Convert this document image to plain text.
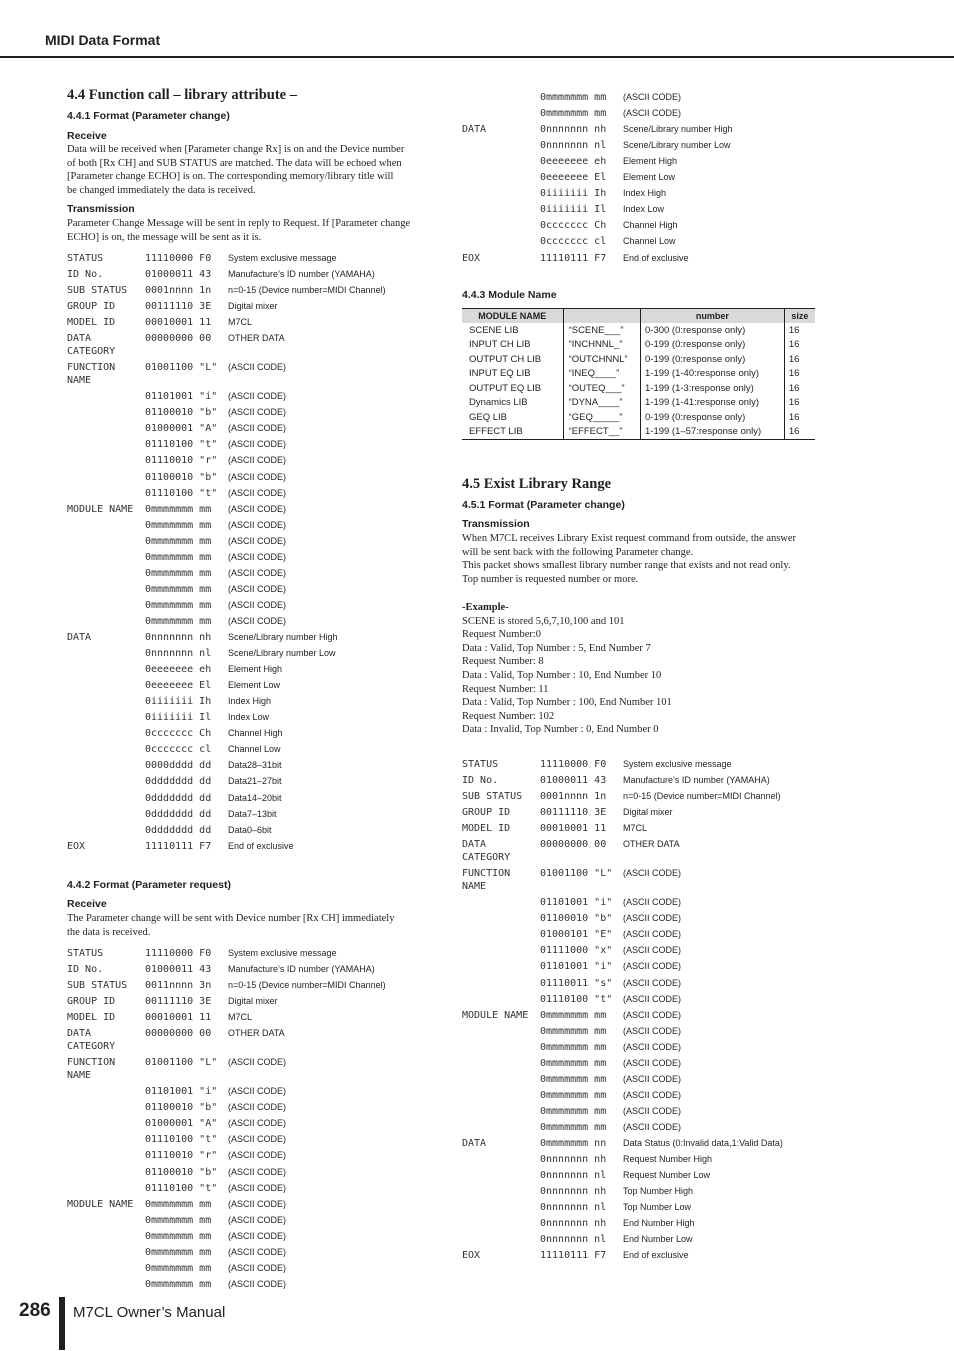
MIDI Data Format
4.4 Function call – library attribute –
4.4.1 Format (Parameter change)
Receive
Data will be received when [Parameter change Rx] is on and the Device number
of both [Rx CH] and SUB STATUS are matched. The data will be echoed when
[Parameter change ECHO] is on. The corresponding memory/library title will
be changed immediately the data is received.
Transmission
Parameter Change Message will be sent in reply to Request. If [Parameter change
ECHO] is on, the message will be sent as it is.
STATUS	11110000 F0 System exclusive message
ID No.	01000011 43 Manufacture’s ID number (YAMAHA)
SUB STATUS 0001nnnn 1n n=0-15 (Device number=MIDI Channel)
GROUP ID	00111110 3E Digital mixer
MODEL ID	00010001 11 M7CL
DATA
CATEGORY
00000000 00 OTHER DATA
FUNCTION
NAME
01001100 "L" (ASCII CODE)
01101001 "i" (ASCII CODE)
01100010 "b" (ASCII CODE)
01000001 "A" (ASCII CODE)
01110100 "t" (ASCII CODE)
01110010 "r" (ASCII CODE)
01100010 "b" (ASCII CODE)
01110100 "t" (ASCII CODE)
MODULE NAME 0mmmmmmm mm (ASCII CODE)
0mmmmmmm mm (ASCII CODE)
0mmmmmmm mm (ASCII CODE)
0mmmmmmm mm (ASCII CODE)
0mmmmmmm mm (ASCII CODE)
0mmmmmmm mm (ASCII CODE)
0mmmmmmm mm (ASCII CODE)
0mmmmmmm mm (ASCII CODE)
DATA	0nnnnnnn nh Scene/Library number High
0nnnnnnn nl Scene/Library number Low
0eeeeeee eh Element High
0eeeeeee El Element Low
0iiiiiii Ih Index High
0iiiiiii Il Index Low
0ccccccc Ch Channel High
0ccccccc cl Channel Low
0000dddd dd Data28–31bit
0ddddddd dd Data21–27bit
0ddddddd dd Data14–20bit
0ddddddd dd Data7–13bit
0ddddddd dd Data0–6bit
EOX	11110111 F7 End of exclusive
4.4.2 Format (Parameter request)
Receive
The Parameter change will be sent with Device number [Rx CH] immediately
the data is received.
STATUS	11110000 F0 System exclusive message
ID No.	01000011 43 Manufacture’s ID number (YAMAHA)
SUB STATUS 0011nnnn 3n n=0-15 (Device number=MIDI Channel)
GROUP ID	00111110 3E Digital mixer
MODEL ID	00010001 11 M7CL
DATA
CATEGORY
00000000 00 OTHER DATA
FUNCTION
NAME
01001100 "L" (ASCII CODE)
01101001 "i" (ASCII CODE)
01100010 "b" (ASCII CODE)
01000001 "A" (ASCII CODE)
01110100 "t" (ASCII CODE)
01110010 "r" (ASCII CODE)
01100010 "b" (ASCII CODE)
01110100 "t" (ASCII CODE)
MODULE NAME 0mmmmmmm mm (ASCII CODE)
0mmmmmmm mm (ASCII CODE)
0mmmmmmm mm (ASCII CODE)
0mmmmmmm mm (ASCII CODE)
0mmmmmmm mm (ASCII CODE)
0mmmmmmm mm (ASCII CODE)
0mmmmmmm mm (ASCII CODE)
0mmmmmmm mm (ASCII CODE)
DATA	0nnnnnnn nh Scene/Library number High
0nnnnnnn nl Scene/Library number Low
0eeeeeee eh Element High
0eeeeeee El Element Low
0iiiiiii Ih Index High
0iiiiiii Il Index Low
0ccccccc Ch Channel High
0ccccccc cl Channel Low
EOX	11110111 F7 End of exclusive
4.4.3 Module Name
MODULE NAME		number	size
SCENE LIB	“SCENE___”	0-300 (0:response only)	16
INPUT CH LIB	“INCHNNL_”	0-199 (0:response only)	16
OUTPUT CH LIB	“OUTCHNNL”	0-199 (0:response only)	16
INPUT EQ LIB	“INEQ____”	1-199 (1-40:response only)	16
OUTPUT EQ LIB	“OUTEQ___”	1-199 (1-3:response only)	16
Dynamics LIB	“DYNA____”	1-199 (1-41:response only)	16
GEQ LIB	“GEQ_____”	0-199 (0:response only)	16
EFFECT LIB	“EFFECT__”	1-199 (1–57:response only)	16
4.5 Exist Library Range
4.5.1 Format (Parameter change)
Transmission
When M7CL receives Library Exist request command from outside, the answer
will be sent back with the following Parameter change.
This packet shows smallest library number range that exists and not read only.
Top number is requested number or more.
-Example-
SCENE is stored 5,6,7,10,100 and 101
Request Number:0
Data : Valid, Top Number : 5, End Number 7
Request Number: 8
Data : Valid, Top Number : 10, End Number 10
Request Number: 11
Data : Valid, Top Number : 100, End Number 101
Request Number: 102
Data : Invalid, Top Number : 0, End Number 0
STATUS	11110000 F0 System exclusive message
ID No.	01000011 43 Manufacture’s ID number (YAMAHA)
SUB STATUS 0001nnnn 1n n=0-15 (Device number=MIDI Channel)
GROUP ID	00111110 3E Digital mixer
MODEL ID	00010001 11 M7CL
DATA
CATEGORY
00000000 00 OTHER DATA
FUNCTION
NAME
01001100 "L" (ASCII CODE)
01101001 "i" (ASCII CODE)
01100010 "b" (ASCII CODE)
01000101 "E" (ASCII CODE)
01111000 "x" (ASCII CODE)
01101001 "i" (ASCII CODE)
01110011 "s" (ASCII CODE)
01110100 "t" (ASCII CODE)
MODULE NAME 0mmmmmmm mm (ASCII CODE)
0mmmmmmm mm (ASCII CODE)
0mmmmmmm mm (ASCII CODE)
0mmmmmmm mm (ASCII CODE)
0mmmmmmm mm (ASCII CODE)
0mmmmmmm mm (ASCII CODE)
0mmmmmmm mm (ASCII CODE)
0mmmmmmm mm (ASCII CODE)
DATA	0mmmmmmm nn Data Status (0:Invalid data,1:Valid Data)
0nnnnnnn nh Request Number High
0nnnnnnn nl Request Number Low
0nnnnnnn nh Top Number High
0nnnnnnn nl Top Number Low
0nnnnnnn nh End Number High
0nnnnnnn nl End Number Low
EOX	11110111 F7 End of exclusive
286 M7CL Owner’s Manual
